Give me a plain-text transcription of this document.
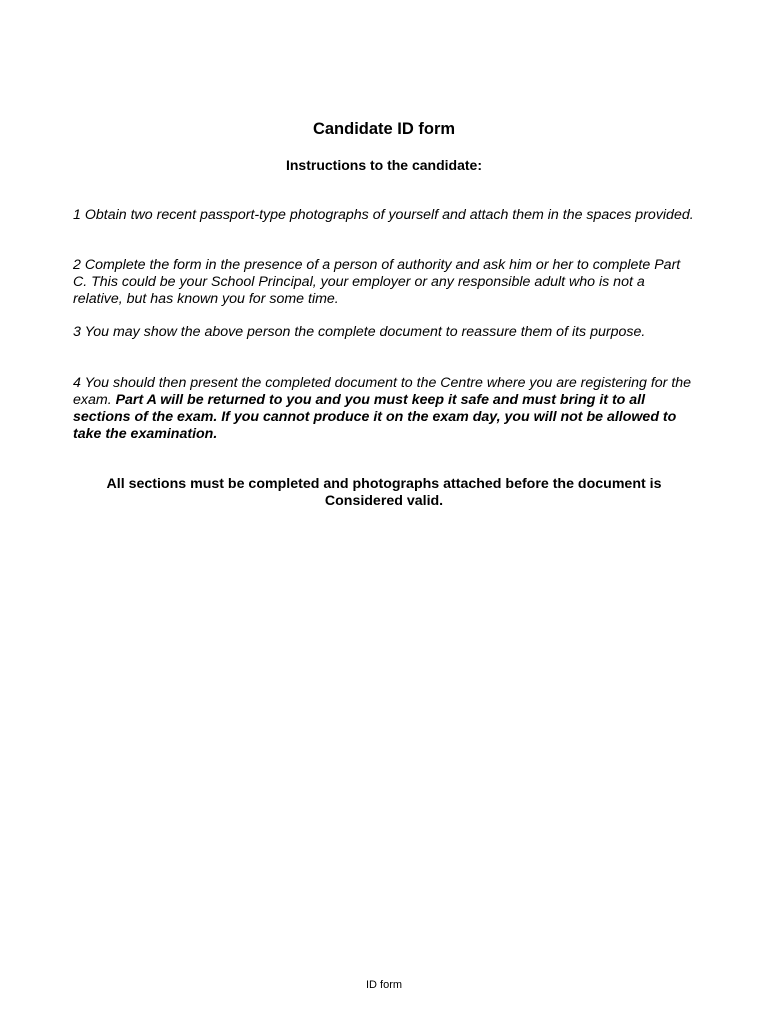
Candidate ID form
Instructions to the candidate:

1 Obtain two recent passport-type photographs of yourself and attach them in the spaces provided.

2 Complete the form in the presence of a person of authority and ask him or her to complete Part C. This could be your School Principal, your employer or any responsible adult who is not a relative, but has known you for some time.

3 You may show the above person the complete document to reassure them of its purpose.

4 You should then present the completed document to the Centre where you are registering for the exam. Part A will be returned to you and you must keep it safe and must bring it to all sections of the exam. If you cannot produce it on the exam day, you will not be allowed to take the examination.

All sections must be completed and photographs attached before the document is Considered valid.

ID form
